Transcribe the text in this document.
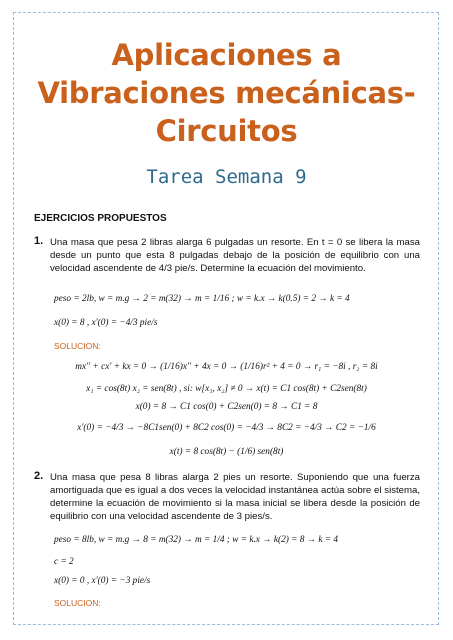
Aplicaciones a
Vibraciones mecánicas-
Circuitos
Tarea Semana 9
EJERCICIOS PROPUESTOS
1. Una masa que pesa 2 libras alarga 6 pulgadas un resorte. En t = 0 se libera la masa desde un punto que esta 8 pulgadas debajo de la posición de equilibrio con una velocidad ascendente de 4/3 pie/s. Determine la ecuación del movimiento.
peso = 2lb, w = m.g → 2 = m(32) → m = 1/16 ; w = k.x → k(0.5) = 2 → k = 4
x(0) = 8 , x′(0) = −4/3 pie/s
SOLUCION:
mx′′ + cx′ + kx = 0 → (1/16)x′′ + 4x = 0 → (1/16)r² + 4 = 0 → r₁ = −8i , r₂ = 8i
x₁ = cos(8t) x₂ = sen(8t) , si: w[x₁, x₂] ≠ 0 → x(t) = C1 cos(8t) + C2sen(8t)
x(0) = 8 → C1 cos(0) + C2sen(0) = 8 → C1 = 8
x′(0) = −4/3 → −8C1sen(0) + 8C2 cos(0) = −4/3 → 8C2 = −4/3 → C2 = −1/6
x(t) = 8 cos(8t) − (1/6) sen(8t)
2. Una masa que pesa 8 libras alarga 2 pies un resorte. Suponiendo que una fuerza amortiguada que es igual a dos veces la velocidad instantánea actúa sobre el sistema, determine la ecuación de movimiento si la masa inicial se libera desde la posición de equilibrio con una velocidad ascendente de 3 pies/s.
peso = 8lb, w = m.g → 8 = m(32) → m = 1/4 ; w = k.x → k(2) = 8 → k = 4
c = 2
x(0) = 0 , x′(0) = −3 pie/s
SOLUCION:
